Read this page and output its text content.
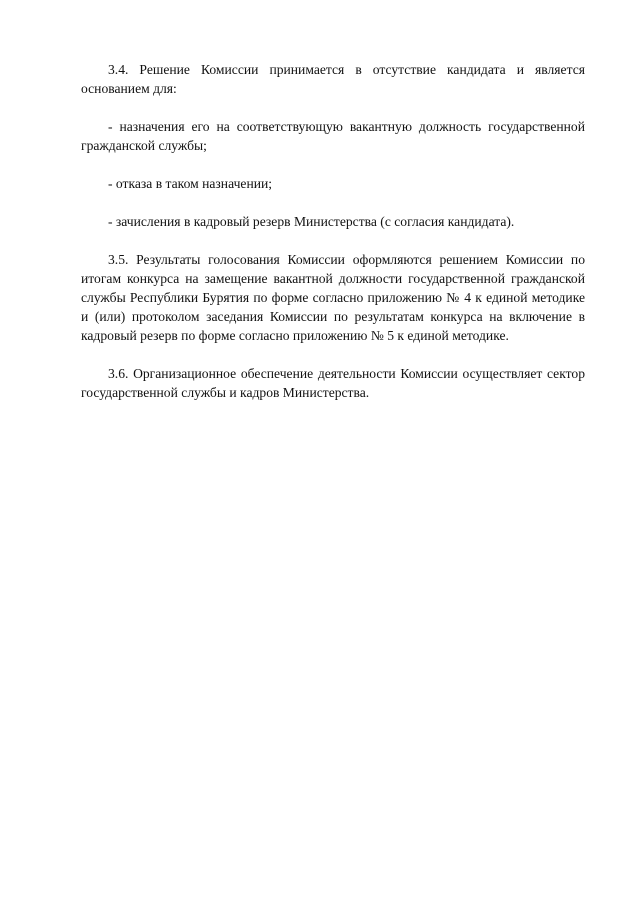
3.4. Решение Комиссии принимается в отсутствие кандидата и является основанием для:

- назначения его на соответствующую вакантную должность государственной гражданской службы;

- отказа в таком назначении;

- зачисления в кадровый резерв Министерства (с согласия кандидата).

3.5. Результаты голосования Комиссии оформляются решением Комиссии по итогам конкурса на замещение вакантной должности государственной гражданской службы Республики Бурятия по форме согласно приложению № 4 к единой методике и (или) протоколом заседания Комиссии по результатам конкурса на включение в кадровый резерв по форме согласно приложению № 5 к единой методике.

3.6. Организационное обеспечение деятельности Комиссии осуществляет сектор государственной службы и кадров Министерства.
